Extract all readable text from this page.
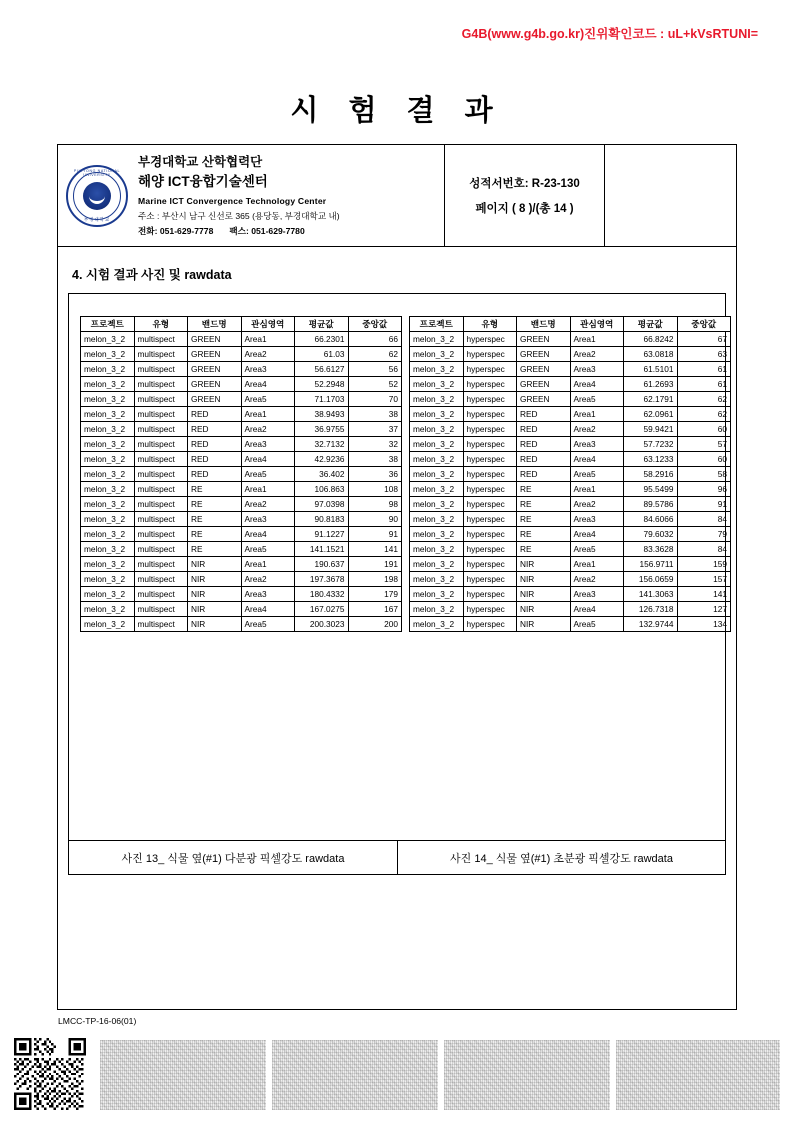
G4B(www.g4b.go.kr)진위확인코드 : uL+kVsRTUNI=
시 험 결 과
PUKYONG NATIONAL UNIVERSITY
부경대학교
부경대학교 산학협력단
해양 ICT융합기술센터
Marine ICT Convergence Technology Center
주소 : 부산시 남구 신선로 365 (용당동, 부경대학교 내)
전화: 051-629-7778 팩스: 051-629-7780
성적서번호: R-23-130
페이지 ( 8 )/(총 14 )
4. 시험 결과 사진 및 rawdata
프로젝트	유형	밴드명	관심영역	평균값	중앙값
melon_3_2	multispect	GREEN	Area1	66.2301	66
melon_3_2	multispect	GREEN	Area2	61.03	62
melon_3_2	multispect	GREEN	Area3	56.6127	56
melon_3_2	multispect	GREEN	Area4	52.2948	52
melon_3_2	multispect	GREEN	Area5	71.1703	70
melon_3_2	multispect	RED	Area1	38.9493	38
melon_3_2	multispect	RED	Area2	36.9755	37
melon_3_2	multispect	RED	Area3	32.7132	32
melon_3_2	multispect	RED	Area4	42.9236	38
melon_3_2	multispect	RED	Area5	36.402	36
melon_3_2	multispect	RE	Area1	106.863	108
melon_3_2	multispect	RE	Area2	97.0398	98
melon_3_2	multispect	RE	Area3	90.8183	90
melon_3_2	multispect	RE	Area4	91.1227	91
melon_3_2	multispect	RE	Area5	141.1521	141
melon_3_2	multispect	NIR	Area1	190.637	191
melon_3_2	multispect	NIR	Area2	197.3678	198
melon_3_2	multispect	NIR	Area3	180.4332	179
melon_3_2	multispect	NIR	Area4	167.0275	167
melon_3_2	multispect	NIR	Area5	200.3023	200
프로젝트	유형	밴드명	관심영역	평균값	중앙값
melon_3_2	hyperspec	GREEN	Area1	66.8242	67
melon_3_2	hyperspec	GREEN	Area2	63.0818	63
melon_3_2	hyperspec	GREEN	Area3	61.5101	61
melon_3_2	hyperspec	GREEN	Area4	61.2693	61
melon_3_2	hyperspec	GREEN	Area5	62.1791	62
melon_3_2	hyperspec	RED	Area1	62.0961	62
melon_3_2	hyperspec	RED	Area2	59.9421	60
melon_3_2	hyperspec	RED	Area3	57.7232	57
melon_3_2	hyperspec	RED	Area4	63.1233	60
melon_3_2	hyperspec	RED	Area5	58.2916	58
melon_3_2	hyperspec	RE	Area1	95.5499	96
melon_3_2	hyperspec	RE	Area2	89.5786	91
melon_3_2	hyperspec	RE	Area3	84.6066	84
melon_3_2	hyperspec	RE	Area4	79.6032	79
melon_3_2	hyperspec	RE	Area5	83.3628	84
melon_3_2	hyperspec	NIR	Area1	156.9711	159
melon_3_2	hyperspec	NIR	Area2	156.0659	157
melon_3_2	hyperspec	NIR	Area3	141.3063	141
melon_3_2	hyperspec	NIR	Area4	126.7318	127
melon_3_2	hyperspec	NIR	Area5	132.9744	134
사진 13_ 식물 옆(#1) 다분광 픽셀강도 rawdata	사진 14_ 식물 옆(#1) 초분광 픽셀강도 rawdata
LMCC-TP-16-06(01)
